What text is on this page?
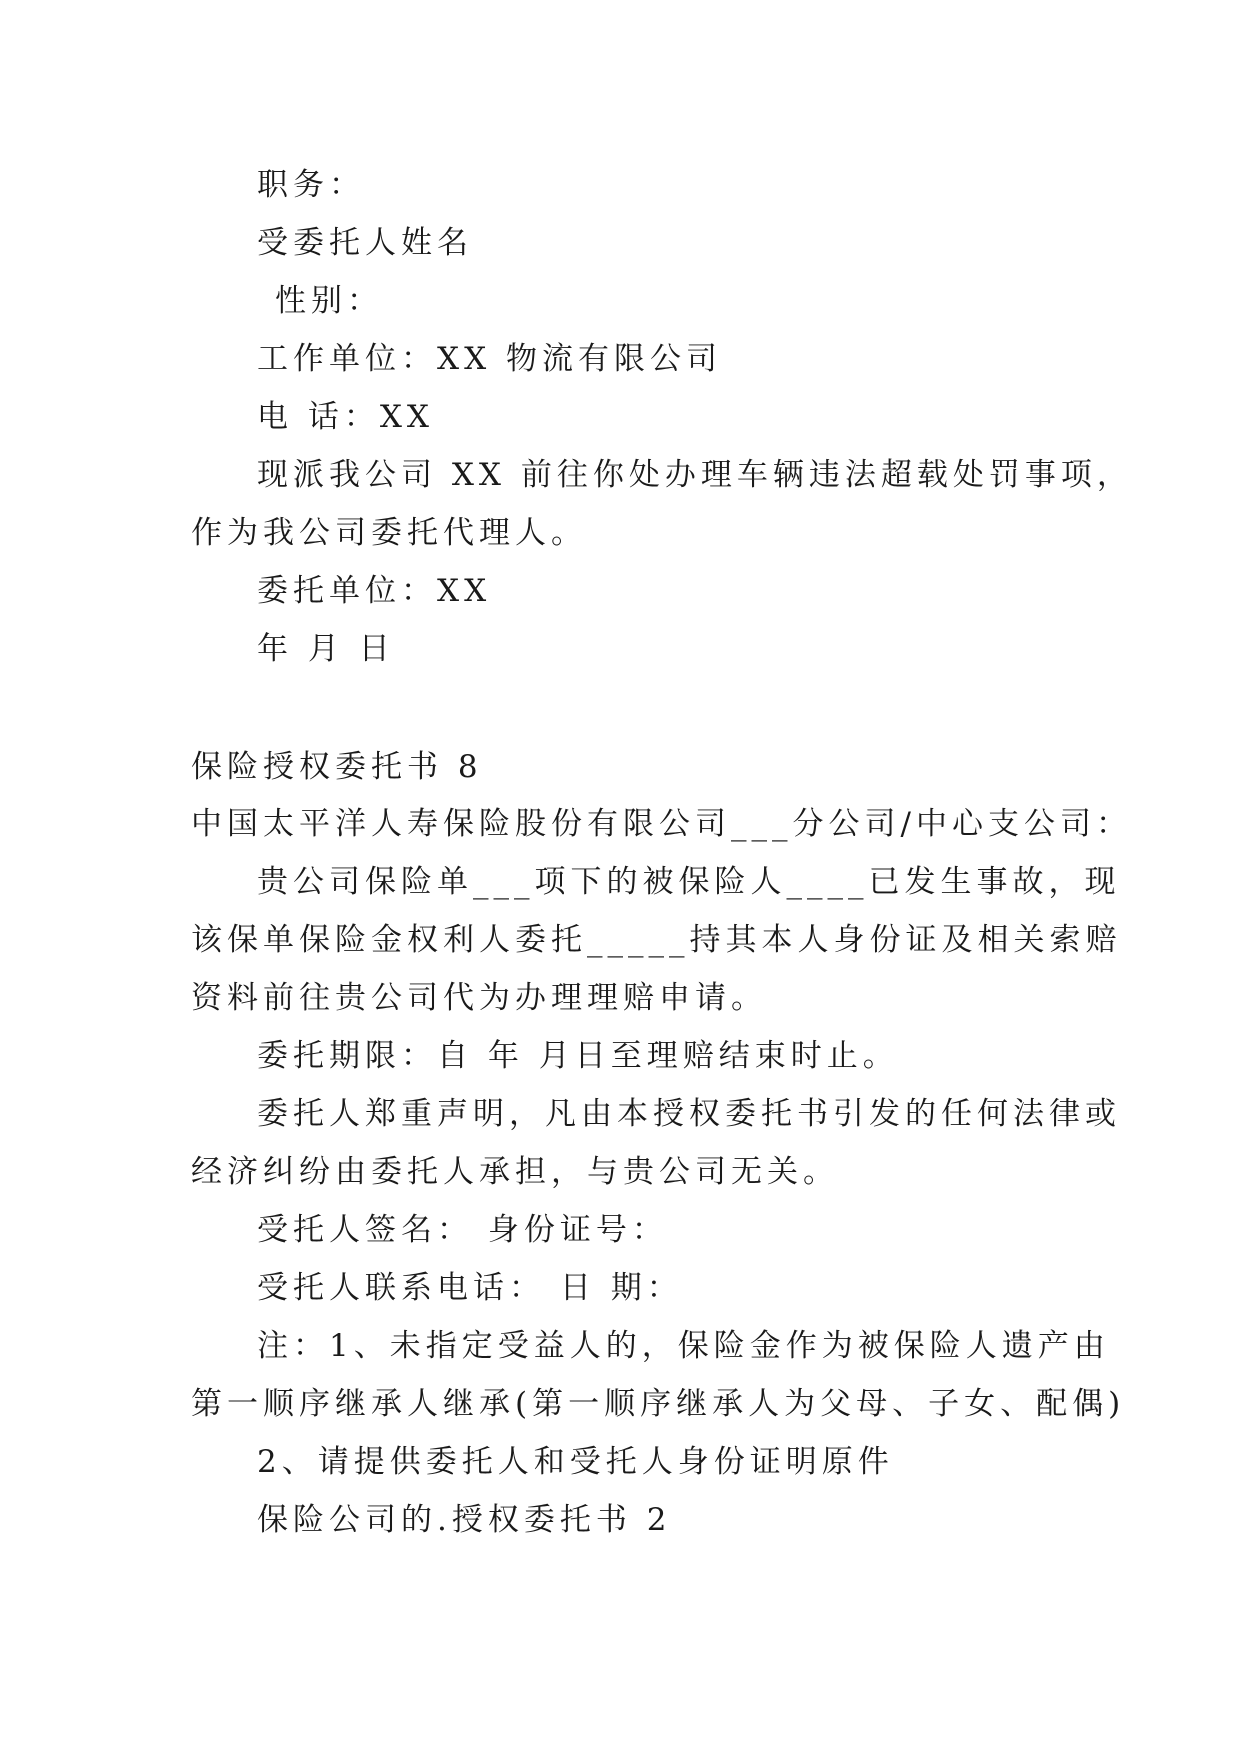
职务：
受委托人姓名
性别：
工作单位：XX 物流有限公司
电 话：XX
现派我公司 XX 前往你处办理车辆违法超载处罚事项，
作为我公司委托代理人。
委托单位：XX
年 月 日
保险授权委托书 8
中国太平洋人寿保险股份有限公司___分公司/中心支公司：
贵公司保险单___项下的被保险人____已发生事故，现
该保单保险金权利人委托_____持其本人身份证及相关索赔
资料前往贵公司代为办理理赔申请。
委托期限：自 年 月日至理赔结束时止。
委托人郑重声明，凡由本授权委托书引发的任何法律或
经济纠纷由委托人承担，与贵公司无关。
受托人签名： 身份证号：
受托人联系电话： 日 期：
注：1、未指定受益人的，保险金作为被保险人遗产由
第一顺序继承人继承(第一顺序继承人为父母、子女、配偶)
2、请提供委托人和受托人身份证明原件
保险公司的.授权委托书 2
